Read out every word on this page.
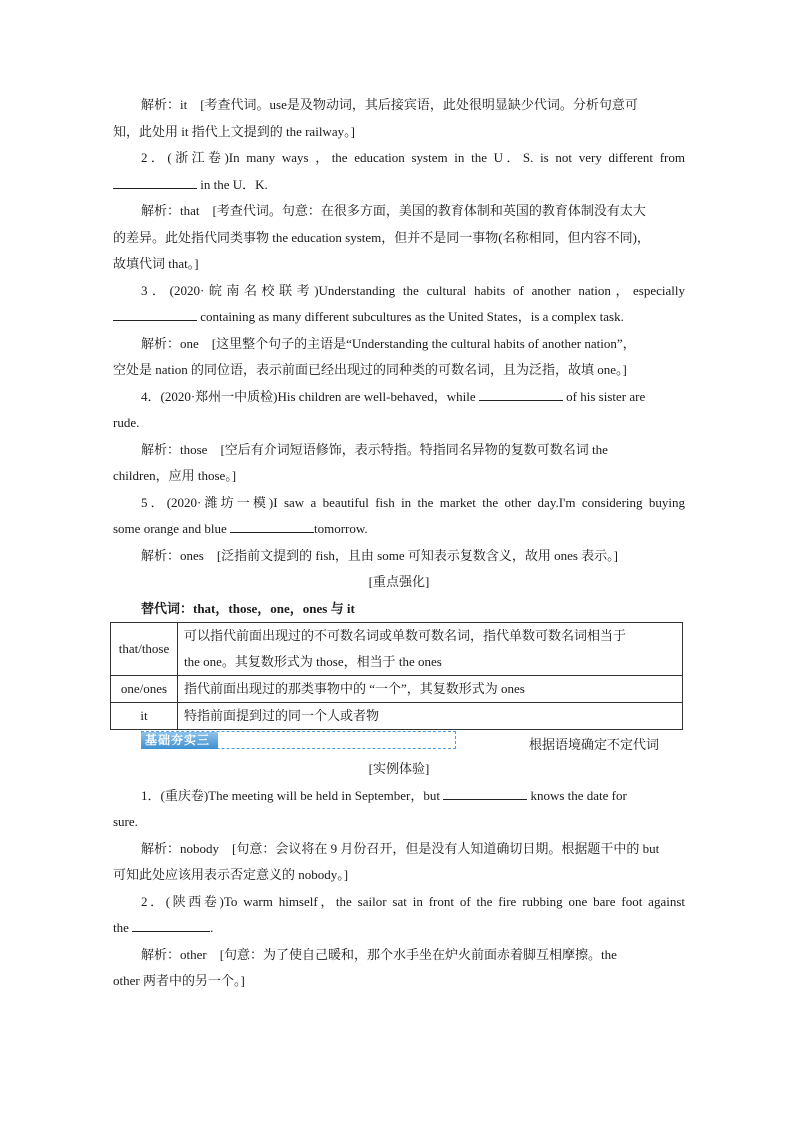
解析：it　[考查代词。use是及物动词，其后接宾语，此处很明显缺少代词。分析句意可
知，此处用 it 指代上文提到的 the railway。]
2．(浙江卷)In many ways ，the education system in the U．S. is not very different from
in the U．K.
解析：that　[考查代词。句意：在很多方面，美国的教育体制和英国的教育体制没有太大
的差异。此处指代同类事物 the education system，但并不是同一事物(名称相同，但内容不同)，
故填代词 that。]
3．(2020·皖南名校联考)Understanding the cultural habits of another nation，especially
containing as many different subcultures as the United States，is a complex task.
解析：one　[这里整个句子的主语是“Understanding the cultural habits of another nation”，
空处是 nation 的同位语，表示前面已经出现过的同种类的可数名词，且为泛指，故填 one。]
4．(2020·郑州一中质检)His children are well-behaved，while	of his sister are
rude.
解析：those　[空后有介词短语修饰，表示特指。特指同名异物的复数可数名词 the
children，应用 those。]
5．(2020·潍坊一模)I saw a beautiful fish in the market the other day.I'm considering buying
some orange and blue	tomorrow.
解析：ones　[泛指前文提到的 fish，且由 some 可知表示复数含义，故用 ones 表示。]
[重点强化]
替代词：that，those，one，ones 与 it
that/those	可以指代前面出现过的不可数名词或单数可数名词，指代单数可数名词相当于
the one。其复数形式为 those，相当于 the ones

one/ones	指代前面出现过的那类事物中的 “一个”，其复数形式为 ones
it	特指前面提到过的同一个人或者物
基础夯实三	根据语境确定不定代词
[实例体验]
1．(重庆卷)The meeting will be held in September，but	knows the date for
sure.
解析：nobody　[句意：会议将在 9 月份召开，但是没有人知道确切日期。根据题干中的 but
可知此处应该用表示否定意义的 nobody。]
2．(陕西卷)To warm himself，the sailor sat in front of the fire rubbing one bare foot against
the	.
解析：other　[句意：为了使自己暖和，那个水手坐在炉火前面赤着脚互相摩擦。the
other 两者中的另一个。]
